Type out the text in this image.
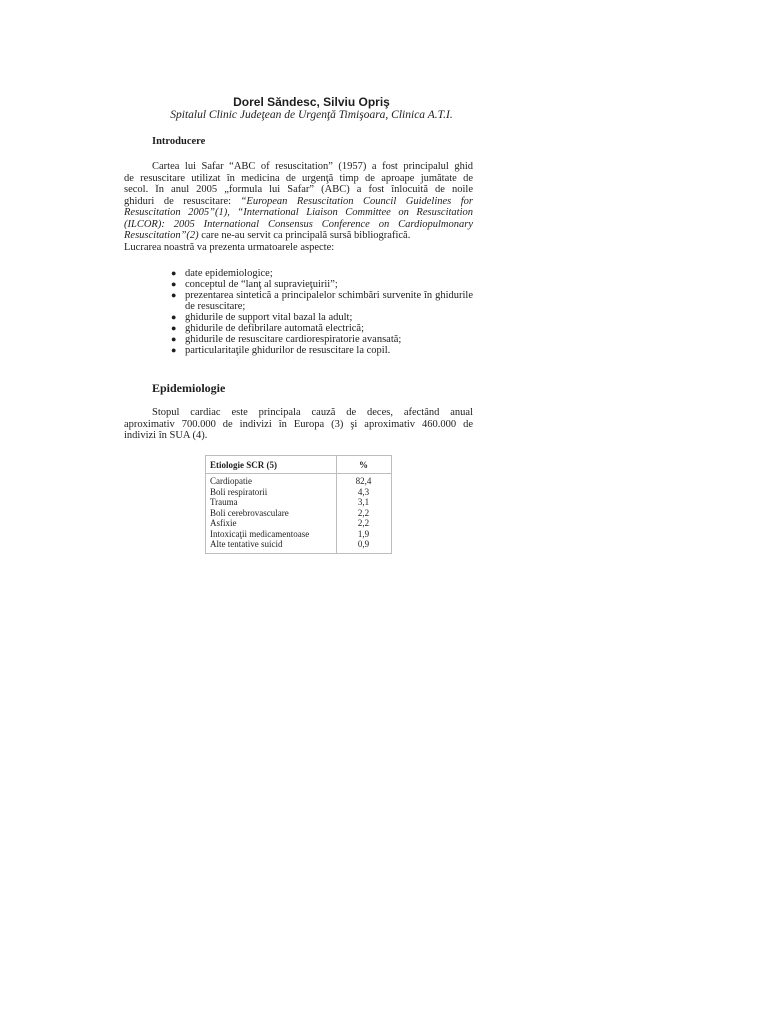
Dorel Săndesc, Silviu Opriş
Spitalul Clinic Judeţean de Urgenţă Timişoara, Clinica A.T.I.
Introducere
Cartea lui Safar “ABC of resuscitation” (1957) a fost principalul ghid
de resuscitare utilizat în medicina de urgenţă timp de aproape jumătate de
secol. În anul 2005 „formula lui Safar” (ABC) a fost înlocuită de noile
ghiduri de resuscitare: “European Resuscitation Council Guidelines for
Resuscitation 2005”(1), “International Liaison Committee on Resuscitation
(ILCOR): 2005 International Consensus Conference on Cardiopulmonary
Resuscitation”(2) care ne-au servit ca principală sursă bibliografică.
Lucrarea noastră va prezenta urmatoarele aspecte:
● date epidemiologice;
● conceptul de “lanţ al supravieţuirii”;
● prezentarea sintetică a principalelor schimbări survenite în ghidurile de resuscitare;
● ghidurile de support vital bazal la adult;
● ghidurile de defibrilare automată electrică;
● ghidurile de resuscitare cardiorespiratorie avansată;
● particularitaţile ghidurilor de resuscitare la copil.
Epidemiologie
Stopul cardiac este principala cauză de deces, afectând anual
aproximativ 700.000 de indivizi în Europa (3) şi aproximativ 460.000 de
indivizi în SUA (4).
Etiologie SCR (5)	%
Cardiopatie	82,4
Boli respiratorii	4,3
Trauma	3,1
Boli cerebrovasculare	2,2
Asfixie	2,2
Intoxicaţii medicamentoase	1,9
Alte tentative suicid	0,9
